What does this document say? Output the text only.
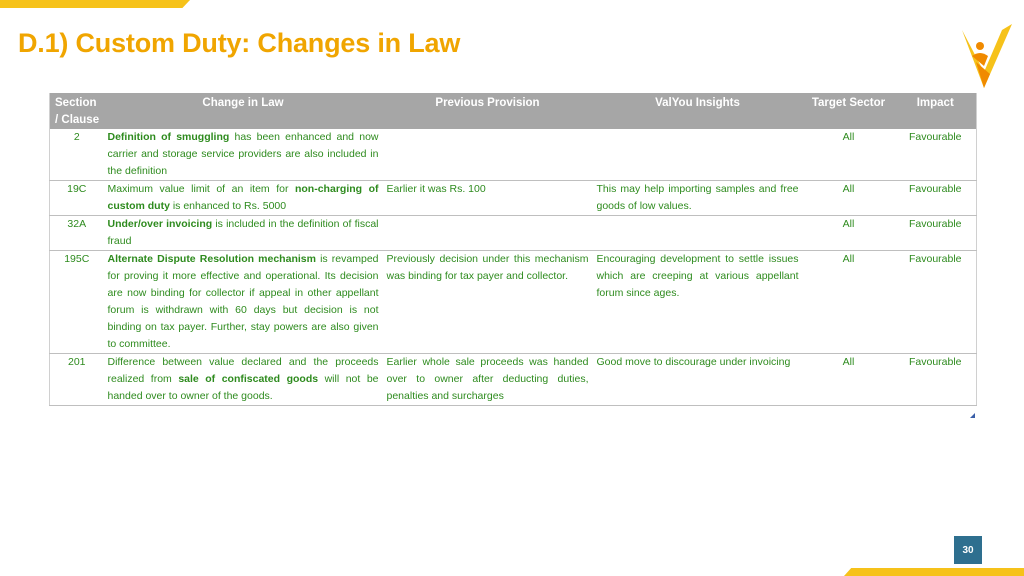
D.1) Custom Duty: Changes in Law
Section / Clause	Change in Law	Previous Provision	ValYou Insights	Target Sector	Impact
2	Definition of smuggling has been enhanced and now carrier and storage service providers are also included in the definition			All	Favourable
19C	Maximum value limit of an item for non-charging of custom duty is enhanced to Rs. 5000	Earlier it was Rs. 100	This may help importing samples and free goods of low values.	All	Favourable
32A	Under/over invoicing is included in the definition of fiscal fraud			All	Favourable
195C	Alternate Dispute Resolution mechanism is revamped for proving it more effective and operational. Its decision are now binding for collector if appeal in other appellant forum is withdrawn with 60 days but decision is not binding on tax payer. Further, stay powers are also given to committee.	Previously decision under this mechanism was binding for tax payer and collector.	Encouraging development to settle issues which are creeping at various appellant forum since ages.	All	Favourable
201	Difference between value declared and the proceeds realized from sale of confiscated goods will not be handed over to owner of the goods.	Earlier whole sale proceeds was handed over to owner after deducting duties, penalties and surcharges	Good move to discourage under invoicing	All	Favourable
30
